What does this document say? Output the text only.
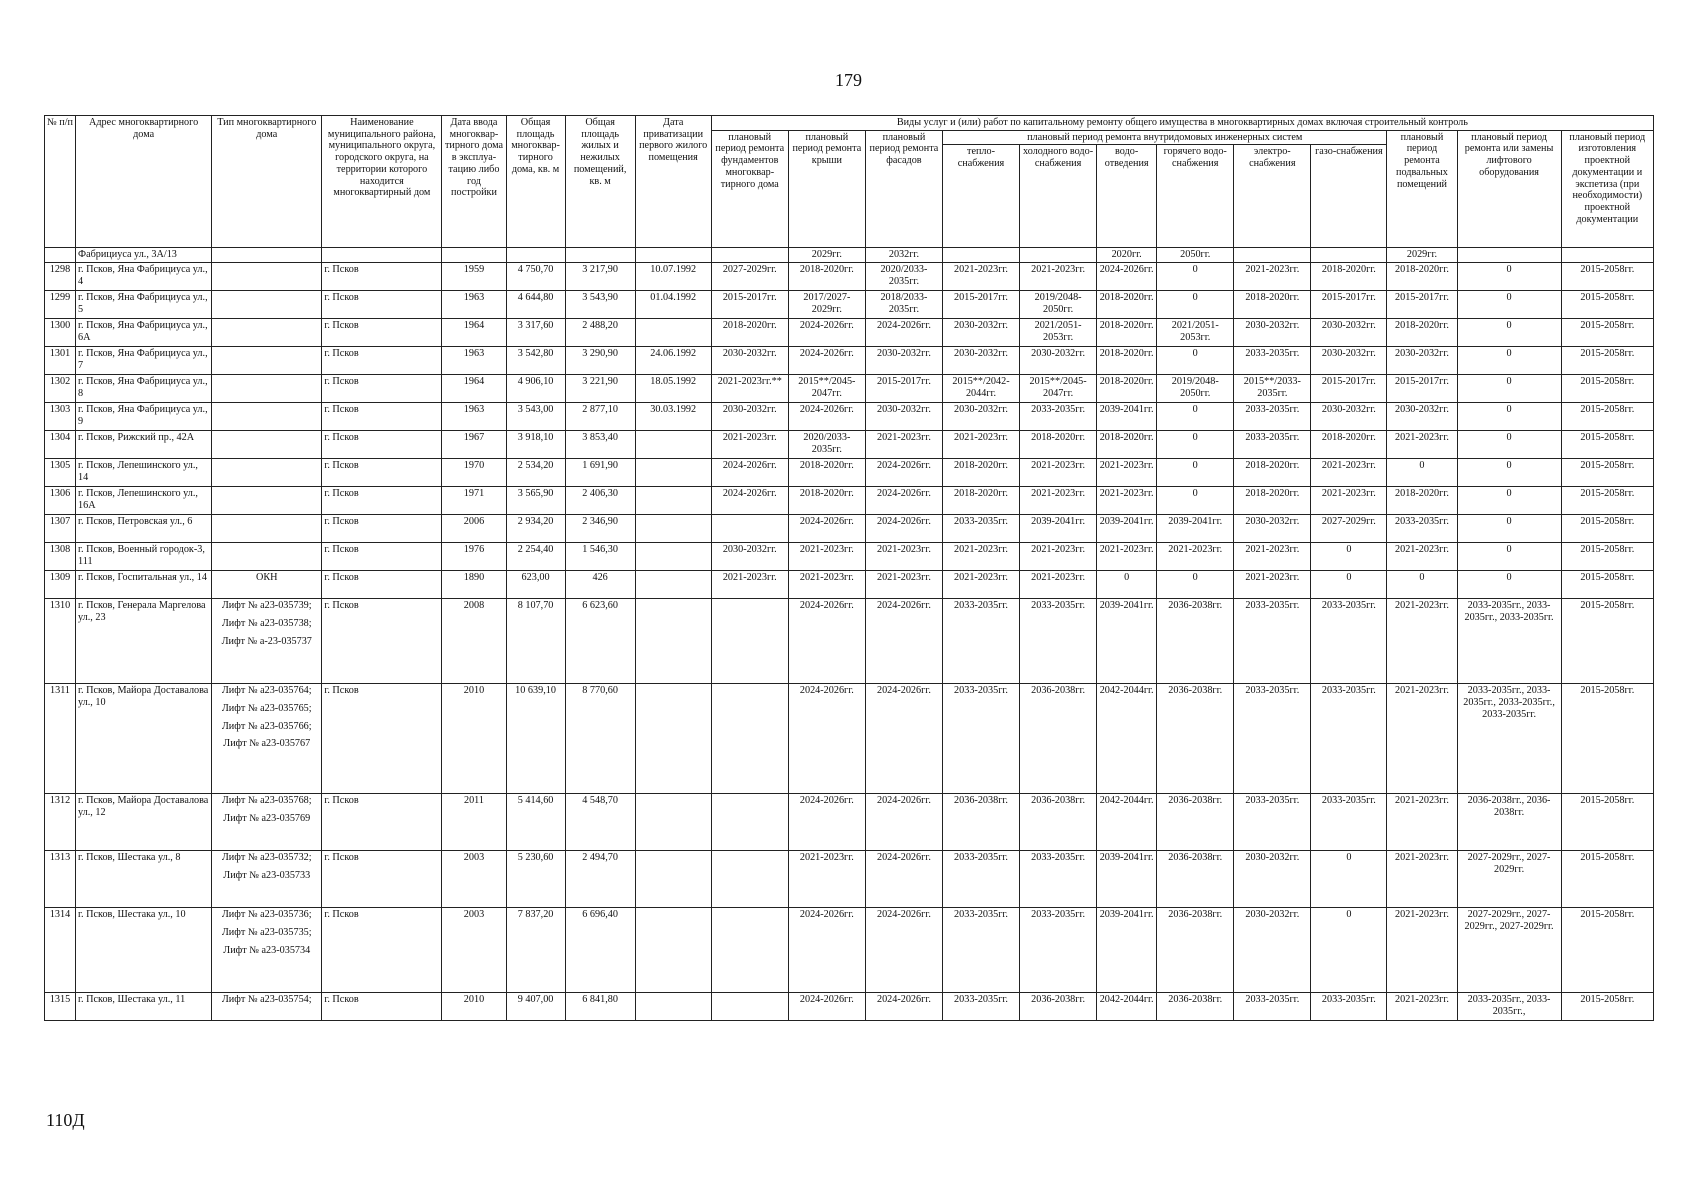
179
№ п/п	Адрес многоквартирного дома	Тип многоквартирного дома	Наименование муниципального района, муниципального округа, городского округа, на территории которого находится многоквартирный дом	Дата ввода многоквар-тирного дома в эксплуа-тацию либо год постройки	Общая площадь многоквар-тирного дома, кв. м	Общая площадь жилых и нежилых помещений, кв. м	Дата приватизации первого жилого помещения	Виды услуг и (или) работ по капитальному ремонту общего имущества в многоквартирных домах включая строительный контроль											
								плановый период ремонта фундаментов многоквар-тирного дома	плановый период ремонта крыши	плановый период ремонта фасадов	плановый период ремонта внутридомовых инженерных систем						плановый период ремонта подвальных помещений	плановый период ремонта или замены лифтового оборудования	плановый период изготовления проектной документации и экспетиза (при необходимости) проектной документации
											тепло-снабжения	холодного водо-снабжения	водо-отведения	горячего водо-снабжения	электро-снабжения	газо-снабжения			
	Фабрициуса ул., 3А/13								2029гг.	2032гг.			2020гг.	2050гг.			2029гг.		
1298	г. Псков, Яна Фабрициуса ул., 4		г. Псков	1959	4 750,70	3 217,90	10.07.1992	2027-2029гг.	2018-2020гг.	2020/2033-2035гг.	2021-2023гг.	2021-2023гг.	2024-2026гг.	0	2021-2023гг.	2018-2020гг.	2018-2020гг.	0	2015-2058гг.
1299	г. Псков, Яна Фабрициуса ул., 5		г. Псков	1963	4 644,80	3 543,90	01.04.1992	2015-2017гг.	2017/2027-2029гг.	2018/2033-2035гг.	2015-2017гг.	2019/2048-2050гг.	2018-2020гг.	0	2018-2020гг.	2015-2017гг.	2015-2017гг.	0	2015-2058гг.
1300	г. Псков, Яна Фабрициуса ул., 6А		г. Псков	1964	3 317,60	2 488,20		2018-2020гг.	2024-2026гг.	2024-2026гг.	2030-2032гг.	2021/2051-2053гг.	2018-2020гг.	2021/2051-2053гг.	2030-2032гг.	2030-2032гг.	2018-2020гг.	0	2015-2058гг.
1301	г. Псков, Яна Фабрициуса ул., 7		г. Псков	1963	3 542,80	3 290,90	24.06.1992	2030-2032гг.	2024-2026гг.	2030-2032гг.	2030-2032гг.	2030-2032гг.	2018-2020гг.	0	2033-2035гг.	2030-2032гг.	2030-2032гг.	0	2015-2058гг.
1302	г. Псков, Яна Фабрициуса ул., 8		г. Псков	1964	4 906,10	3 221,90	18.05.1992	2021-2023гг.**	2015**/2045-2047гг.	2015-2017гг.	2015**/2042-2044гг.	2015**/2045-2047гг.	2018-2020гг.	2019/2048-2050гг.	2015**/2033-2035гг.	2015-2017гг.	2015-2017гг.	0	2015-2058гг.
1303	г. Псков, Яна Фабрициуса ул., 9		г. Псков	1963	3 543,00	2 877,10	30.03.1992	2030-2032гг.	2024-2026гг.	2030-2032гг.	2030-2032гг.	2033-2035гг.	2039-2041гг.	0	2033-2035гг.	2030-2032гг.	2030-2032гг.	0	2015-2058гг.
1304	г. Псков, Рижский пр., 42А		г. Псков	1967	3 918,10	3 853,40		2021-2023гг.	2020/2033-2035гг.	2021-2023гг.	2021-2023гг.	2018-2020гг.	2018-2020гг.	0	2033-2035гг.	2018-2020гг.	2021-2023гг.	0	2015-2058гг.
1305	г. Псков, Лепешинского ул., 14		г. Псков	1970	2 534,20	1 691,90		2024-2026гг.	2018-2020гг.	2024-2026гг.	2018-2020гг.	2021-2023гг.	2021-2023гг.	0	2018-2020гг.	2021-2023гг.	0	0	2015-2058гг.
1306	г. Псков, Лепешинского ул., 16А		г. Псков	1971	3 565,90	2 406,30		2024-2026гг.	2018-2020гг.	2024-2026гг.	2018-2020гг.	2021-2023гг.	2021-2023гг.	0	2018-2020гг.	2021-2023гг.	2018-2020гг.	0	2015-2058гг.
1307	г. Псков, Петровская ул., 6		г. Псков	2006	2 934,20	2 346,90			2024-2026гг.	2024-2026гг.	2033-2035гг.	2039-2041гг.	2039-2041гг.	2039-2041гг.	2030-2032гг.	2027-2029гг.	2033-2035гг.	0	2015-2058гг.
1308	г. Псков, Военный городок-3, 111		г. Псков	1976	2 254,40	1 546,30		2030-2032гг.	2021-2023гг.	2021-2023гг.	2021-2023гг.	2021-2023гг.	2021-2023гг.	2021-2023гг.	2021-2023гг.	0	2021-2023гг.	0	2015-2058гг.
1309	г. Псков, Госпитальная ул., 14	ОКН	г. Псков	1890	623,00	426		2021-2023гг.	2021-2023гг.	2021-2023гг.	2021-2023гг.	2021-2023гг.	0	0	2021-2023гг.	0	0	0	2015-2058гг.
1310	г. Псков, Генерала Маргелова ул., 23	Лифт № а23-035739;
Лифт № а23-035738;
Лифт № а-23-035737	г. Псков	2008	8 107,70	6 623,60			2024-2026гг.	2024-2026гг.	2033-2035гг.	2033-2035гг.	2039-2041гг.	2036-2038гг.	2033-2035гг.	2033-2035гг.	2021-2023гг.	2033-2035гг., 2033-2035гг., 2033-2035гг.	2015-2058гг.
1311	г. Псков, Майора Доставалова ул., 10	Лифт № а23-035764;
Лифт № а23-035765;
Лифт № а23-035766;
Лифт № а23-035767	г. Псков	2010	10 639,10	8 770,60			2024-2026гг.	2024-2026гг.	2033-2035гг.	2036-2038гг.	2042-2044гг.	2036-2038гг.	2033-2035гг.	2033-2035гг.	2021-2023гг.	2033-2035гг., 2033-2035гг., 2033-2035гг., 2033-2035гг.	2015-2058гг.
1312	г. Псков, Майора Доставалова ул., 12	Лифт № а23-035768;
Лифт № а23-035769	г. Псков	2011	5 414,60	4 548,70			2024-2026гг.	2024-2026гг.	2036-2038гг.	2036-2038гг.	2042-2044гг.	2036-2038гг.	2033-2035гг.	2033-2035гг.	2021-2023гг.	2036-2038гг., 2036-2038гг.	2015-2058гг.
1313	г. Псков, Шестака ул., 8	Лифт № а23-035732;
Лифт № а23-035733	г. Псков	2003	5 230,60	2 494,70			2021-2023гг.	2024-2026гг.	2033-2035гг.	2033-2035гг.	2039-2041гг.	2036-2038гг.	2030-2032гг.	0	2021-2023гг.	2027-2029гг., 2027-2029гг.	2015-2058гг.
1314	г. Псков, Шестака ул., 10	Лифт № а23-035736;
Лифт № а23-035735;
Лифт № а23-035734	г. Псков	2003	7 837,20	6 696,40			2024-2026гг.	2024-2026гг.	2033-2035гг.	2033-2035гг.	2039-2041гг.	2036-2038гг.	2030-2032гг.	0	2021-2023гг.	2027-2029гг., 2027-2029гг., 2027-2029гг.	2015-2058гг.
1315	г. Псков, Шестака ул., 11	Лифт № а23-035754;	г. Псков	2010	9 407,00	6 841,80			2024-2026гг.	2024-2026гг.	2033-2035гг.	2036-2038гг.	2042-2044гг.	2036-2038гг.	2033-2035гг.	2033-2035гг.	2021-2023гг.	2033-2035гг., 2033-2035гг.,	2015-2058гг.
110Д
